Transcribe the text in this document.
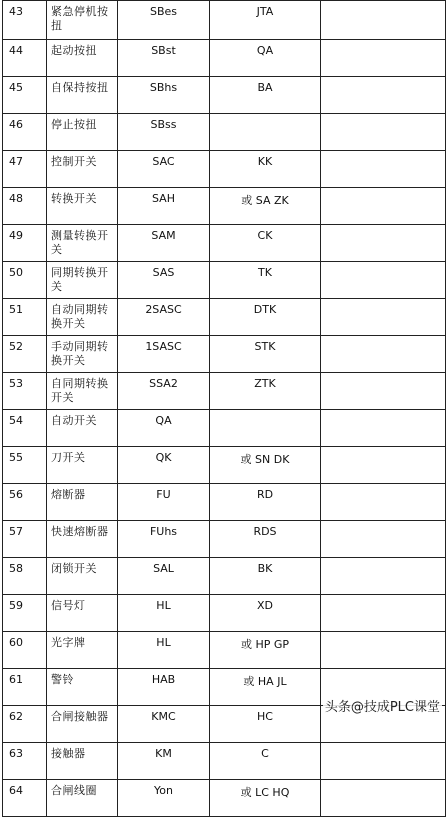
43	紧急停机按扭	SBes	JTA	
44	起动按扭	SBst	QA	
45	自保持按扭	SBhs	BA	
46	停止按扭	SBss		
47	控制开关	SAC	KK	
48	转换开关	SAH	或 SA ZK	
49	测量转换开关	SAM	CK	
50	同期转换开关	SAS	TK	
51	自动同期转换开关	2SASC	DTK	
52	手动同期转换开关	1SASC	STK	
53	自同期转换开关	SSA2	ZTK	
54	自动开关	QA		
55	刀开关	QK	或 SN DK	
56	熔断器	FU	RD	
57	快速熔断器	FUhs	RDS	
58	闭锁开关	SAL	BK	
59	信号灯	HL	XD	
60	光字牌	HL	或 HP GP	
61	警铃	HAB	或 HA JL	
62	合闸接触器	KMC	HC	
63	接触器	KM	C	
64	合闸线圈	Yon	或 LC HQ	
头条@技成PLC课堂
